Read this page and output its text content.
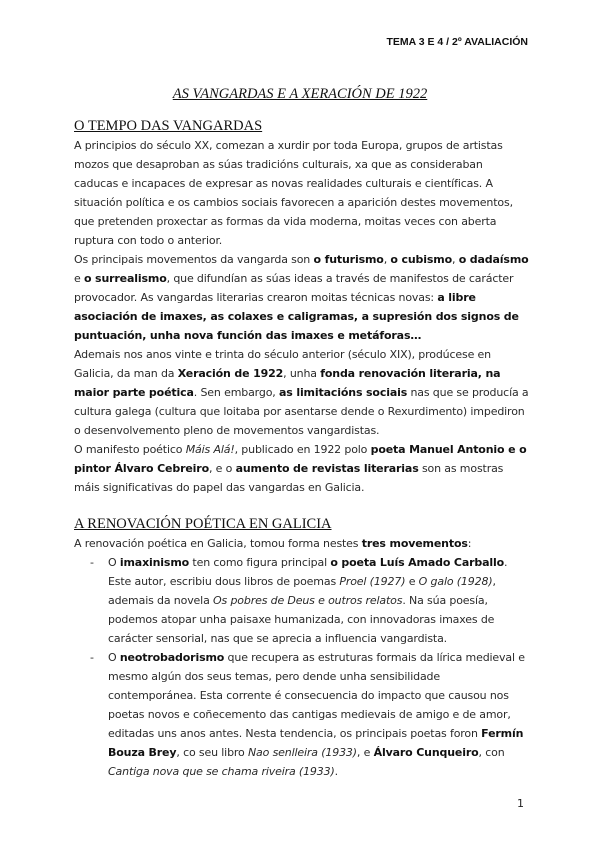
TEMA 3 E 4 / 2º AVALIACIÓN
AS VANGARDAS E A XERACIÓN DE 1922
O TEMPO DAS VANGARDAS

A principios do século XX, comezan a xurdir por toda Europa, grupos de artistas mozos que desaproban as súas tradicións culturais, xa que as consideraban caducas e incapaces de expresar as novas realidades culturais e científicas. A situación política e os cambios sociais favorecen a aparición destes movementos, que pretenden proxectar as formas da vida moderna, moitas veces con aberta ruptura con todo o anterior.

Os principais movementos da vangarda son o futurismo, o cubismo, o dadaísmo e o surrealismo, que difundían as súas ideas a través de manifestos de carácter provocador. As vangardas literarias crearon moitas técnicas novas: a libre asociación de imaxes, as colaxes e caligramas, a supresión dos signos de puntuación, unha nova función das imaxes e metáforas…

Ademais nos anos vinte e trinta do século anterior (século XIX), prodúcese en Galicia, da man da Xeración de 1922, unha fonda renovación literaria, na maior parte poética. Sen embargo, as limitacións sociais nas que se producía a cultura galega (cultura que loitaba por asentarse dende o Rexurdimento) impediron o desenvolvemento pleno de movementos vangardistas.

O manifesto poético Máis Alá!, publicado en 1922 polo poeta Manuel Antonio e o pintor Álvaro Cebreiro, e o aumento de revistas literarias son as mostras máis significativas do papel das vangardas en Galicia.

A RENOVACIÓN POÉTICA EN GALICIA

A renovación poética en Galicia, tomou forma nestes tres movementos:

- O imaxinismo ten como figura principal o poeta Luís Amado Carballo. Este autor, escribiu dous libros de poemas Proel (1927) e O galo (1928), ademais da novela Os pobres de Deus e outros relatos. Na súa poesía, podemos atopar unha paisaxe humanizada, con innovadoras imaxes de carácter sensorial, nas que se aprecia a influencia vangardista.
- O neotrobadorismo que recupera as estruturas formais da lírica medieval e mesmo algún dos seus temas, pero dende unha sensibilidade contemporánea. Esta corrente é consecuencia do impacto que causou nos poetas novos e coñecemento das cantigas medievais de amigo e de amor, editadas uns anos antes. Nesta tendencia, os principais poetas foron Fermín Bouza Brey, co seu libro Nao senlleira (1933), e Álvaro Cunqueiro, con Cantiga nova que se chama riveira (1933).
1
